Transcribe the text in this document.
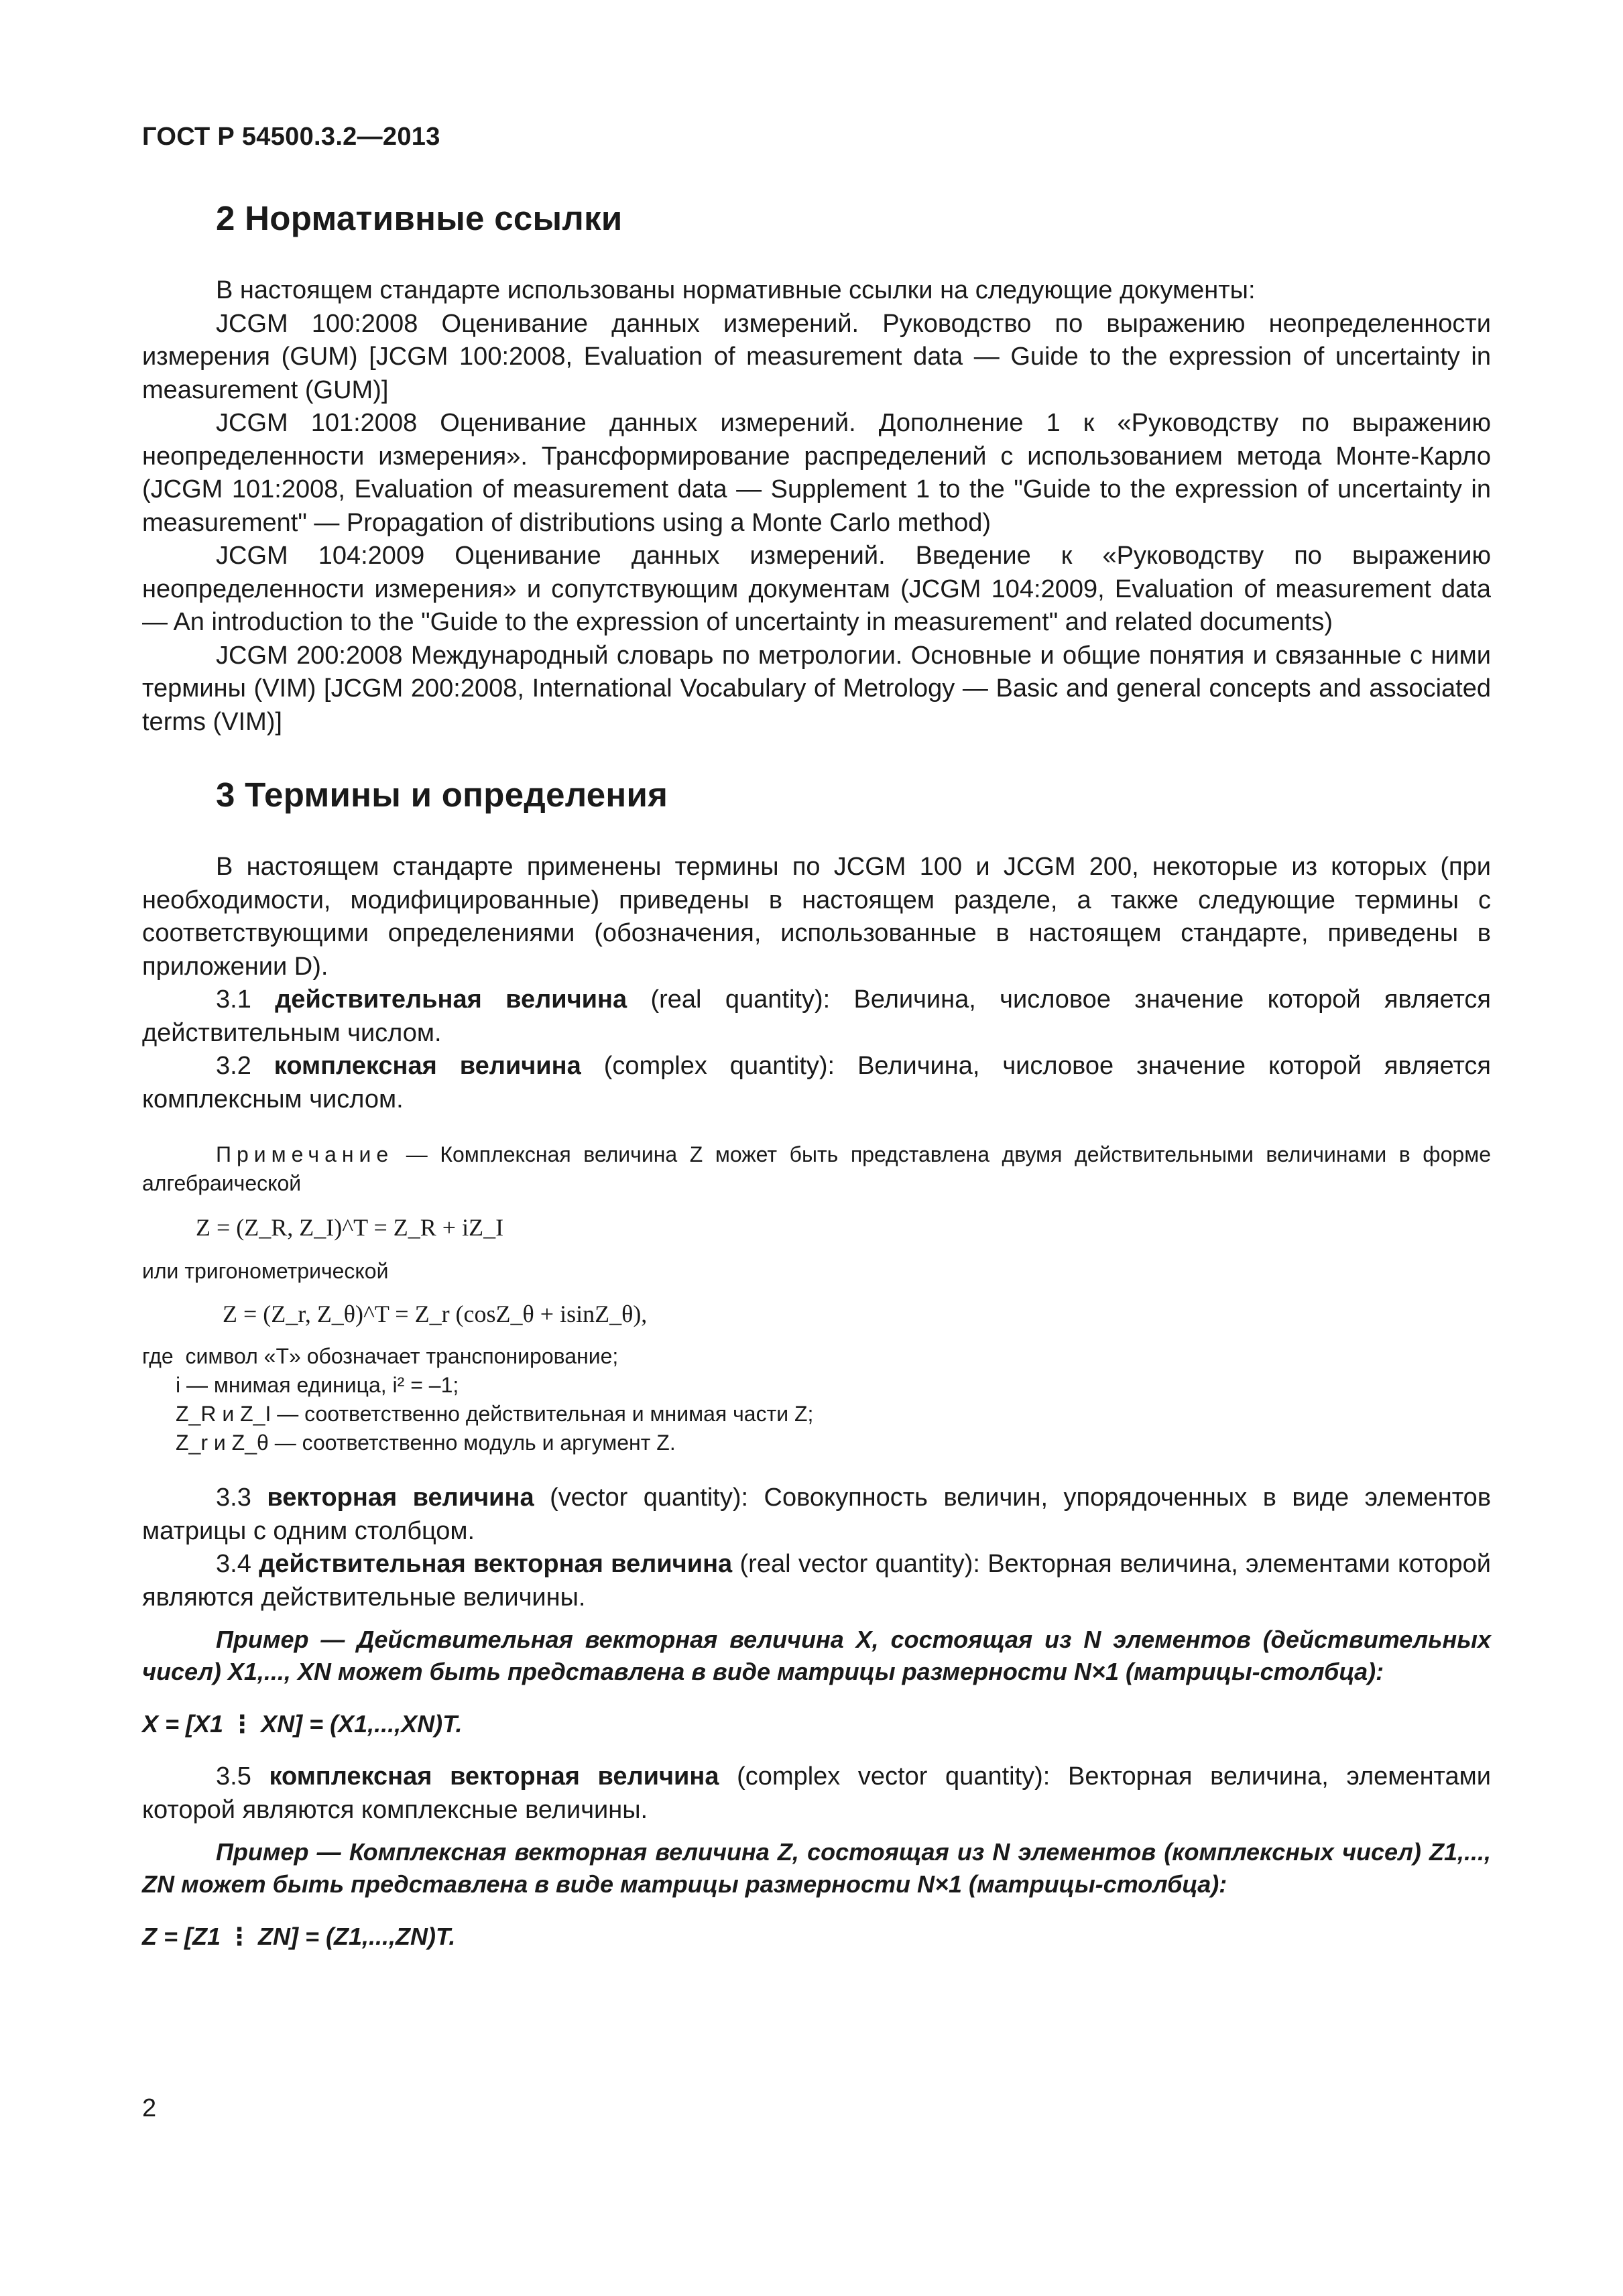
ГОСТ Р 54500.3.2—2013
2 Нормативные ссылки

В настоящем стандарте использованы нормативные ссылки на следующие документы:

JCGM 100:2008 Оценивание данных измерений. Руководство по выражению неопределенности измерения (GUM) [JCGM 100:2008, Evaluation of measurement data — Guide to the expression of uncertainty in measurement (GUM)]

JCGM 101:2008 Оценивание данных измерений. Дополнение 1 к «Руководству по выражению неопределенности измерения». Трансформирование распределений с использованием метода Монте-Карло (JCGM 101:2008, Evaluation of measurement data — Supplement 1 to the "Guide to the expression of uncertainty in measurement" — Propagation of distributions using a Monte Carlo method)

JCGM 104:2009 Оценивание данных измерений. Введение к «Руководству по выражению неопределенности измерения» и сопутствующим документам (JCGM 104:2009, Evaluation of measurement data — An introduction to the "Guide to the expression of uncertainty in measurement" and related documents)

JCGM 200:2008 Международный словарь по метрологии. Основные и общие понятия и связанные с ними термины (VIM) [JCGM 200:2008, International Vocabulary of Metrology — Basic and general concepts and associated terms (VIM)]

3 Термины и определения

В настоящем стандарте применены термины по JCGM 100 и JCGM 200, некоторые из которых (при необходимости, модифицированные) приведены в настоящем разделе, а также следующие термины с соответствующими определениями (обозначения, использованные в настоящем стандарте, приведены в приложении D).

3.1 действительная величина (real quantity): Величина, числовое значение которой является действительным числом.

3.2 комплексная величина (complex quantity): Величина, числовое значение которой является комплексным числом.

Примечание — Комплексная величина Z может быть представлена двумя действительными величинами в форме алгебраической

Z = (Z_R, Z_I)^T = Z_R + iZ_I

или тригонометрической

Z = (Z_r, Z_θ)^T = Z_r (cosZ_θ + isinZ_θ),

где символ «T» обозначает транспонирование;

i — мнимая единица, i² = –1;

Z_R и Z_I — соответственно действительная и мнимая части Z;

Z_r и Z_θ — соответственно модуль и аргумент Z.

3.3 векторная величина (vector quantity): Совокупность величин, упорядоченных в виде элементов матрицы с одним столбцом.

3.4 действительная векторная величина (real vector quantity): Векторная величина, элементами которой являются действительные величины.

Пример — Действительная векторная величина X, состоящая из N элементов (действительных чисел) X1,..., XN может быть представлена в виде матрицы размерности N×1 (матрицы-столбца):

X = [X1 ⋮ XN] = (X1,...,XN)T.

3.5 комплексная векторная величина (complex vector quantity): Векторная величина, элементами которой являются комплексные величины.

Пример — Комплексная векторная величина Z, состоящая из N элементов (комплексных чисел) Z1,..., ZN может быть представлена в виде матрицы размерности N×1 (матрицы-столбца):

Z = [Z1 ⋮ ZN] = (Z1,...,ZN)T.

2
